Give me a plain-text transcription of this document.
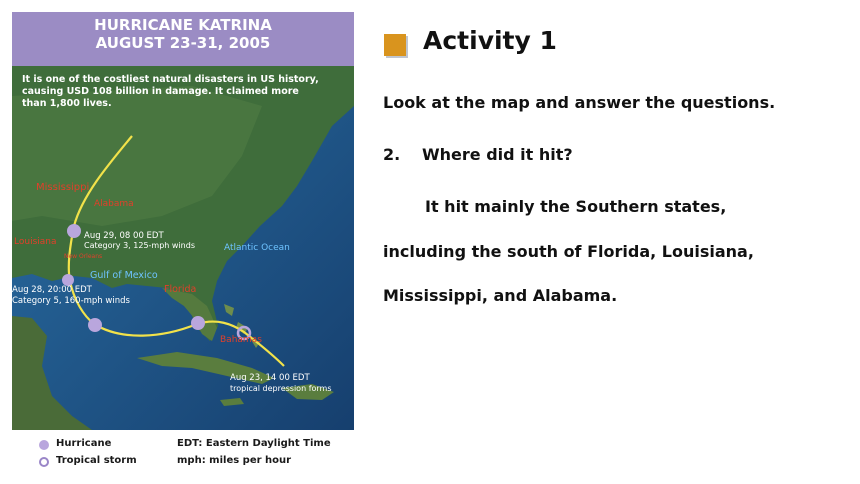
HURRICANE KATRINA
AUGUST 23-31, 2005
It is one of the costliest natural disasters in US history,
causing USD 108 billion in damage. It claimed more
than 1,800 lives.
Mississippi
Alabama
Louisiana
New Orleans
Gulf of Mexico
Atlantic Ocean
Florida
Bahamas
Aug 29, 08 00 EDT
Category 3, 125-mph winds
Aug 28, 20:00 EDT
Category 5, 160-mph winds
Aug 23, 14 00 EDT
tropical depression forms
Hurricane
Tropical storm
EDT: Eastern Daylight Time
mph: miles per hour
Activity 1
Look at the map and answer the questions.
2. Where did it hit?
It hit mainly the Southern states,
including the south of Florida, Louisiana,
Mississippi, and Alabama.
